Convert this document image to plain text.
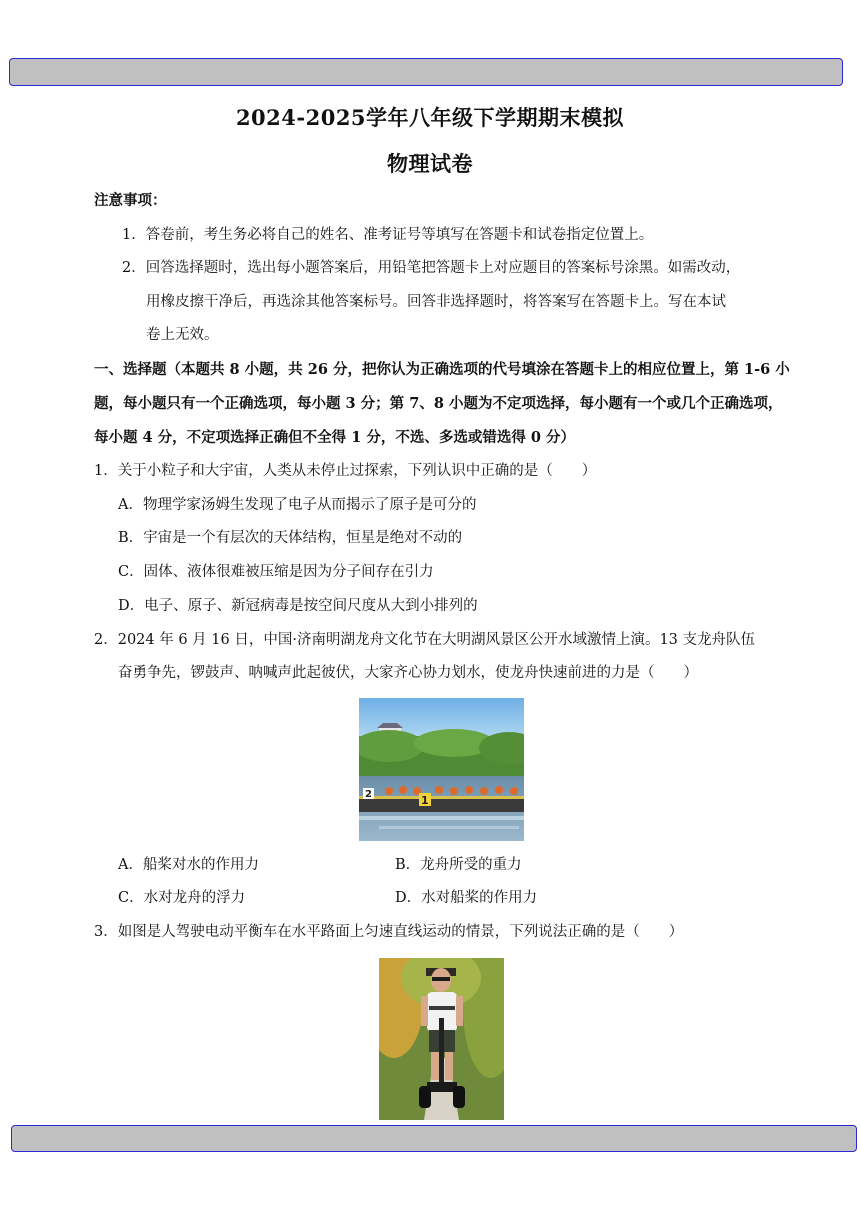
2024-2025学年八年级下学期期末模拟
物理试卷
注意事项：
1．答卷前，考生务必将自己的姓名、准考证号等填写在答题卡和试卷指定位置上。
2．回答选择题时，选出每小题答案后，用铅笔把答题卡上对应题目的答案标号涂黑。如需改动，
用橡皮擦干净后，再选涂其他答案标号。回答非选择题时，将答案写在答题卡上。写在本试
卷上无效。
一、选择题（本题共 8 小题，共 26 分，把你认为正确选项的代号填涂在答题卡上的相应位置上，第 1-6 小
题，每小题只有一个正确选项，每小题 3 分；第 7、8 小题为不定项选择，每小题有一个或几个正确选项，
每小题 4 分，不定项选择正确但不全得 1 分，不选、多选或错选得 0 分）
1．关于小粒子和大宇宙，人类从未停止过探索，下列认识中正确的是（　　）
A．物理学家汤姆生发现了电子从而揭示了原子是可分的
B．宇宙是一个有层次的天体结构，恒星是绝对不动的
C．固体、液体很难被压缩是因为分子间存在引力
D．电子、原子、新冠病毒是按空间尺度从大到小排列的
2．2024 年 6 月 16 日，中国·济南明湖龙舟文化节在大明湖风景区公开水域激情上演。13 支龙舟队伍
奋勇争先，锣鼓声、呐喊声此起彼伏，大家齐心协力划水，使龙舟快速前进的力是（　　）
2	1
A．船桨对水的作用力	B．龙舟所受的重力
C．水对龙舟的浮力	D．水对船桨的作用力
3．如图是人驾驶电动平衡车在水平路面上匀速直线运动的情景，下列说法正确的是（　　）
